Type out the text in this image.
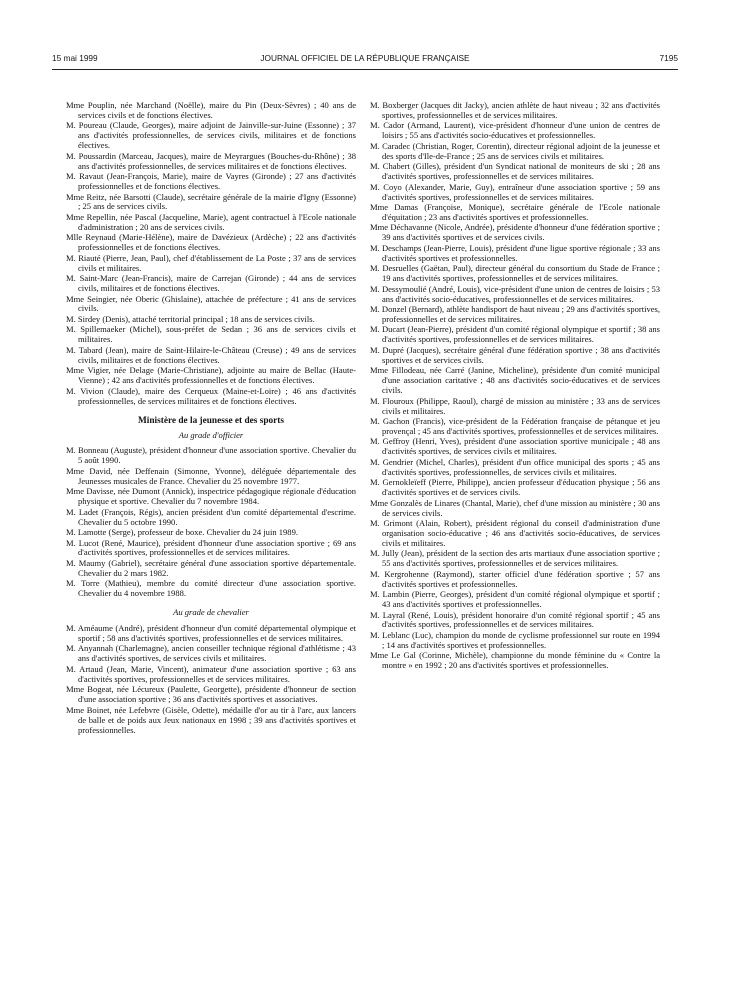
15 mai 1999	JOURNAL OFFICIEL DE LA RÉPUBLIQUE FRANÇAISE	7195

Mme Pouplin, née Marchand (Noëlle), maire du Pin (Deux-Sèvres) ; 40 ans de services civils et de fonctions électives.

M. Poureau (Claude, Georges), maire adjoint de Jainville-sur-Juine (Essonne) ; 37 ans d'activités professionnelles, de services civils, militaires et de fonctions électives.

M. Poussardin (Marceau, Jacques), maire de Meyrargues (Bouches-du-Rhône) ; 38 ans d'activités professionnelles, de services militaires et de fonctions électives.

M. Ravaut (Jean-François, Marie), maire de Vayres (Gironde) ; 27 ans d'activités professionnelles et de fonctions électives.

Mme Reitz, née Barsotti (Claude), secrétaire générale de la mairie d'Igny (Essonne) ; 25 ans de services civils.

Mme Repellin, née Pascal (Jacqueline, Marie), agent contractuel à l'Ecole nationale d'administration ; 20 ans de services civils.

Mlle Reynaud (Marie-Hélène), maire de Davézieux (Ardèche) ; 22 ans d'activités professionnelles et de fonctions électives.

M. Riauté (Pierre, Jean, Paul), chef d'établissement de La Poste ; 37 ans de services civils et militaires.

M. Saint-Marc (Jean-Francis), maire de Carrejan (Gironde) ; 44 ans de services civils, militaires et de fonctions électives.

Mme Seingier, née Oberic (Ghislaine), attachée de préfecture ; 41 ans de services civils.

M. Sirdey (Denis), attaché territorial principal ; 18 ans de services civils.

M. Spillemaeker (Michel), sous-préfet de Sedan ; 36 ans de services civils et militaires.

M. Tabard (Jean), maire de Saint-Hilaire-le-Château (Creuse) ; 49 ans de services civils, militaires et de fonctions électives.

Mme Vigier, née Delage (Marie-Christiane), adjointe au maire de Bellac (Haute-Vienne) ; 42 ans d'activités professionnelles et de fonctions électives.

M. Vivion (Claude), maire des Cerqueux (Maine-et-Loire) ; 46 ans d'activités professionnelles, de services militaires et de fonctions électives.

Ministère de la jeunesse et des sports

Au grade d'officier

M. Bonneau (Auguste), président d'honneur d'une association sportive. Chevalier du 5 août 1990.

Mme David, née Deffenain (Simonne, Yvonne), déléguée départementale des Jeunesses musicales de France. Chevalier du 25 novembre 1977.

Mme Davisse, née Dumont (Annick), inspectrice pédagogique régionale d'éducation physique et sportive. Chevalier du 7 novembre 1984.

M. Ladet (François, Régis), ancien président d'un comité départemental d'escrime. Chevalier du 5 octobre 1990.

M. Lamotte (Serge), professeur de boxe. Chevalier du 24 juin 1989.

M. Lucot (René, Maurice), président d'honneur d'une association sportive ; 69 ans d'activités sportives, professionnelles et de services militaires.

M. Maumy (Gabriel), secrétaire général d'une association sportive départementale. Chevalier du 2 mars 1982.

M. Torre (Mathieu), membre du comité directeur d'une association sportive. Chevalier du 4 novembre 1988.

Au grade de chevalier

M. Améaume (André), président d'honneur d'un comité départemental olympique et sportif ; 58 ans d'activités sportives, professionnelles et de services militaires.

M. Anyannah (Charlemagne), ancien conseiller technique régional d'athlétisme ; 43 ans d'activités sportives, de services civils et militaires.

M. Artaud (Jean, Marie, Vincent), animateur d'une association sportive ; 63 ans d'activités sportives, professionnelles et de services militaires.

Mme Bogeat, née Lécureux (Paulette, Georgette), présidente d'honneur de section d'une association sportive ; 36 ans d'activités sportives et associatives.

Mme Boinet, née Lefebvre (Gisèle, Odette), médaille d'or au tir à l'arc, aux lancers de balle et de poids aux Jeux nationaux en 1998 ; 39 ans d'activités sportives et professionnelles.

M. Boxberger (Jacques dit Jacky), ancien athlète de haut niveau ; 32 ans d'activités sportives, professionnelles et de services militaires.

M. Cador (Armand, Laurent), vice-président d'honneur d'une union de centres de loisirs ; 55 ans d'activités socio-éducatives et professionnelles.

M. Caradec (Christian, Roger, Corentin), directeur régional adjoint de la jeunesse et des sports d'Ile-de-France ; 25 ans de services civils et militaires.

M. Chabert (Gilles), président d'un Syndicat national de moniteurs de ski ; 28 ans d'activités sportives, professionnelles et de services militaires.

M. Coyo (Alexander, Marie, Guy), entraîneur d'une association sportive ; 59 ans d'activités sportives, professionnelles et de services militaires.

Mme Damas (Françoise, Monique), secrétaire générale de l'Ecole nationale d'équitation ; 23 ans d'activités sportives et professionnelles.

Mme Déchavanne (Nicole, Andrée), présidente d'honneur d'une fédération sportive ; 39 ans d'activités sportives et de services civils.

M. Deschamps (Jean-Pierre, Louis), président d'une ligue sportive régionale ; 33 ans d'activités sportives et professionnelles.

M. Desruelles (Gaëtan, Paul), directeur général du consortium du Stade de France ; 19 ans d'activités sportives, professionnelles et de services militaires.

M. Dessymoulié (André, Louis), vice-président d'une union de centres de loisirs ; 53 ans d'activités socio-éducatives, professionnelles et de services militaires.

M. Donzel (Bernard), athlète handisport de haut niveau ; 29 ans d'activités sportives, professionnelles et de services militaires.

M. Ducart (Jean-Pierre), président d'un comité régional olympique et sportif ; 38 ans d'activités sportives, professionnelles et de services militaires.

M. Dupré (Jacques), secrétaire général d'une fédération sportive ; 38 ans d'activités sportives et de services civils.

Mme Fillodeau, née Carré (Janine, Micheline), présidente d'un comité municipal d'une association caritative ; 48 ans d'activités socio-éducatives et de services civils.

M. Flouroux (Philippe, Raoul), chargé de mission au ministère ; 33 ans de services civils et militaires.

M. Gachon (Francis), vice-président de la Fédération française de pétanque et jeu provençal ; 45 ans d'activités sportives, professionnelles et de services militaires.

M. Geffroy (Henri, Yves), président d'une association sportive municipale ; 48 ans d'activités sportives, de services civils et militaires.

M. Gendrier (Michel, Charles), président d'un office municipal des sports ; 45 ans d'activités sportives, professionnelles, de services civils et militaires.

M. Gernokleïeff (Pierre, Philippe), ancien professeur d'éducation physique ; 56 ans d'activités sportives et de services civils.

Mme Gonzalès de Linares (Chantal, Marie), chef d'une mission au ministère ; 30 ans de services civils.

M. Grimont (Alain, Robert), président régional du conseil d'administration d'une organisation socio-éducative ; 46 ans d'activités socio-éducatives, de services civils et militaires.

M. Jully (Jean), président de la section des arts martiaux d'une association sportive ; 55 ans d'activités sportives, professionnelles et de services militaires.

M. Kergrohenne (Raymond), starter officiel d'une fédération sportive ; 57 ans d'activités sportives et professionnelles.

M. Lambin (Pierre, Georges), président d'un comité régional olympique et sportif ; 43 ans d'activités sportives et professionnelles.

M. Layral (René, Louis), président honoraire d'un comité régional sportif ; 45 ans d'activités sportives, professionnelles et de services militaires.

M. Leblanc (Luc), champion du monde de cyclisme professionnel sur route en 1994 ; 14 ans d'activités sportives et professionnelles.

Mme Le Gal (Corinne, Michèle), championne du monde féminine du « Contre la montre » en 1992 ; 20 ans d'activités sportives et professionnelles.
